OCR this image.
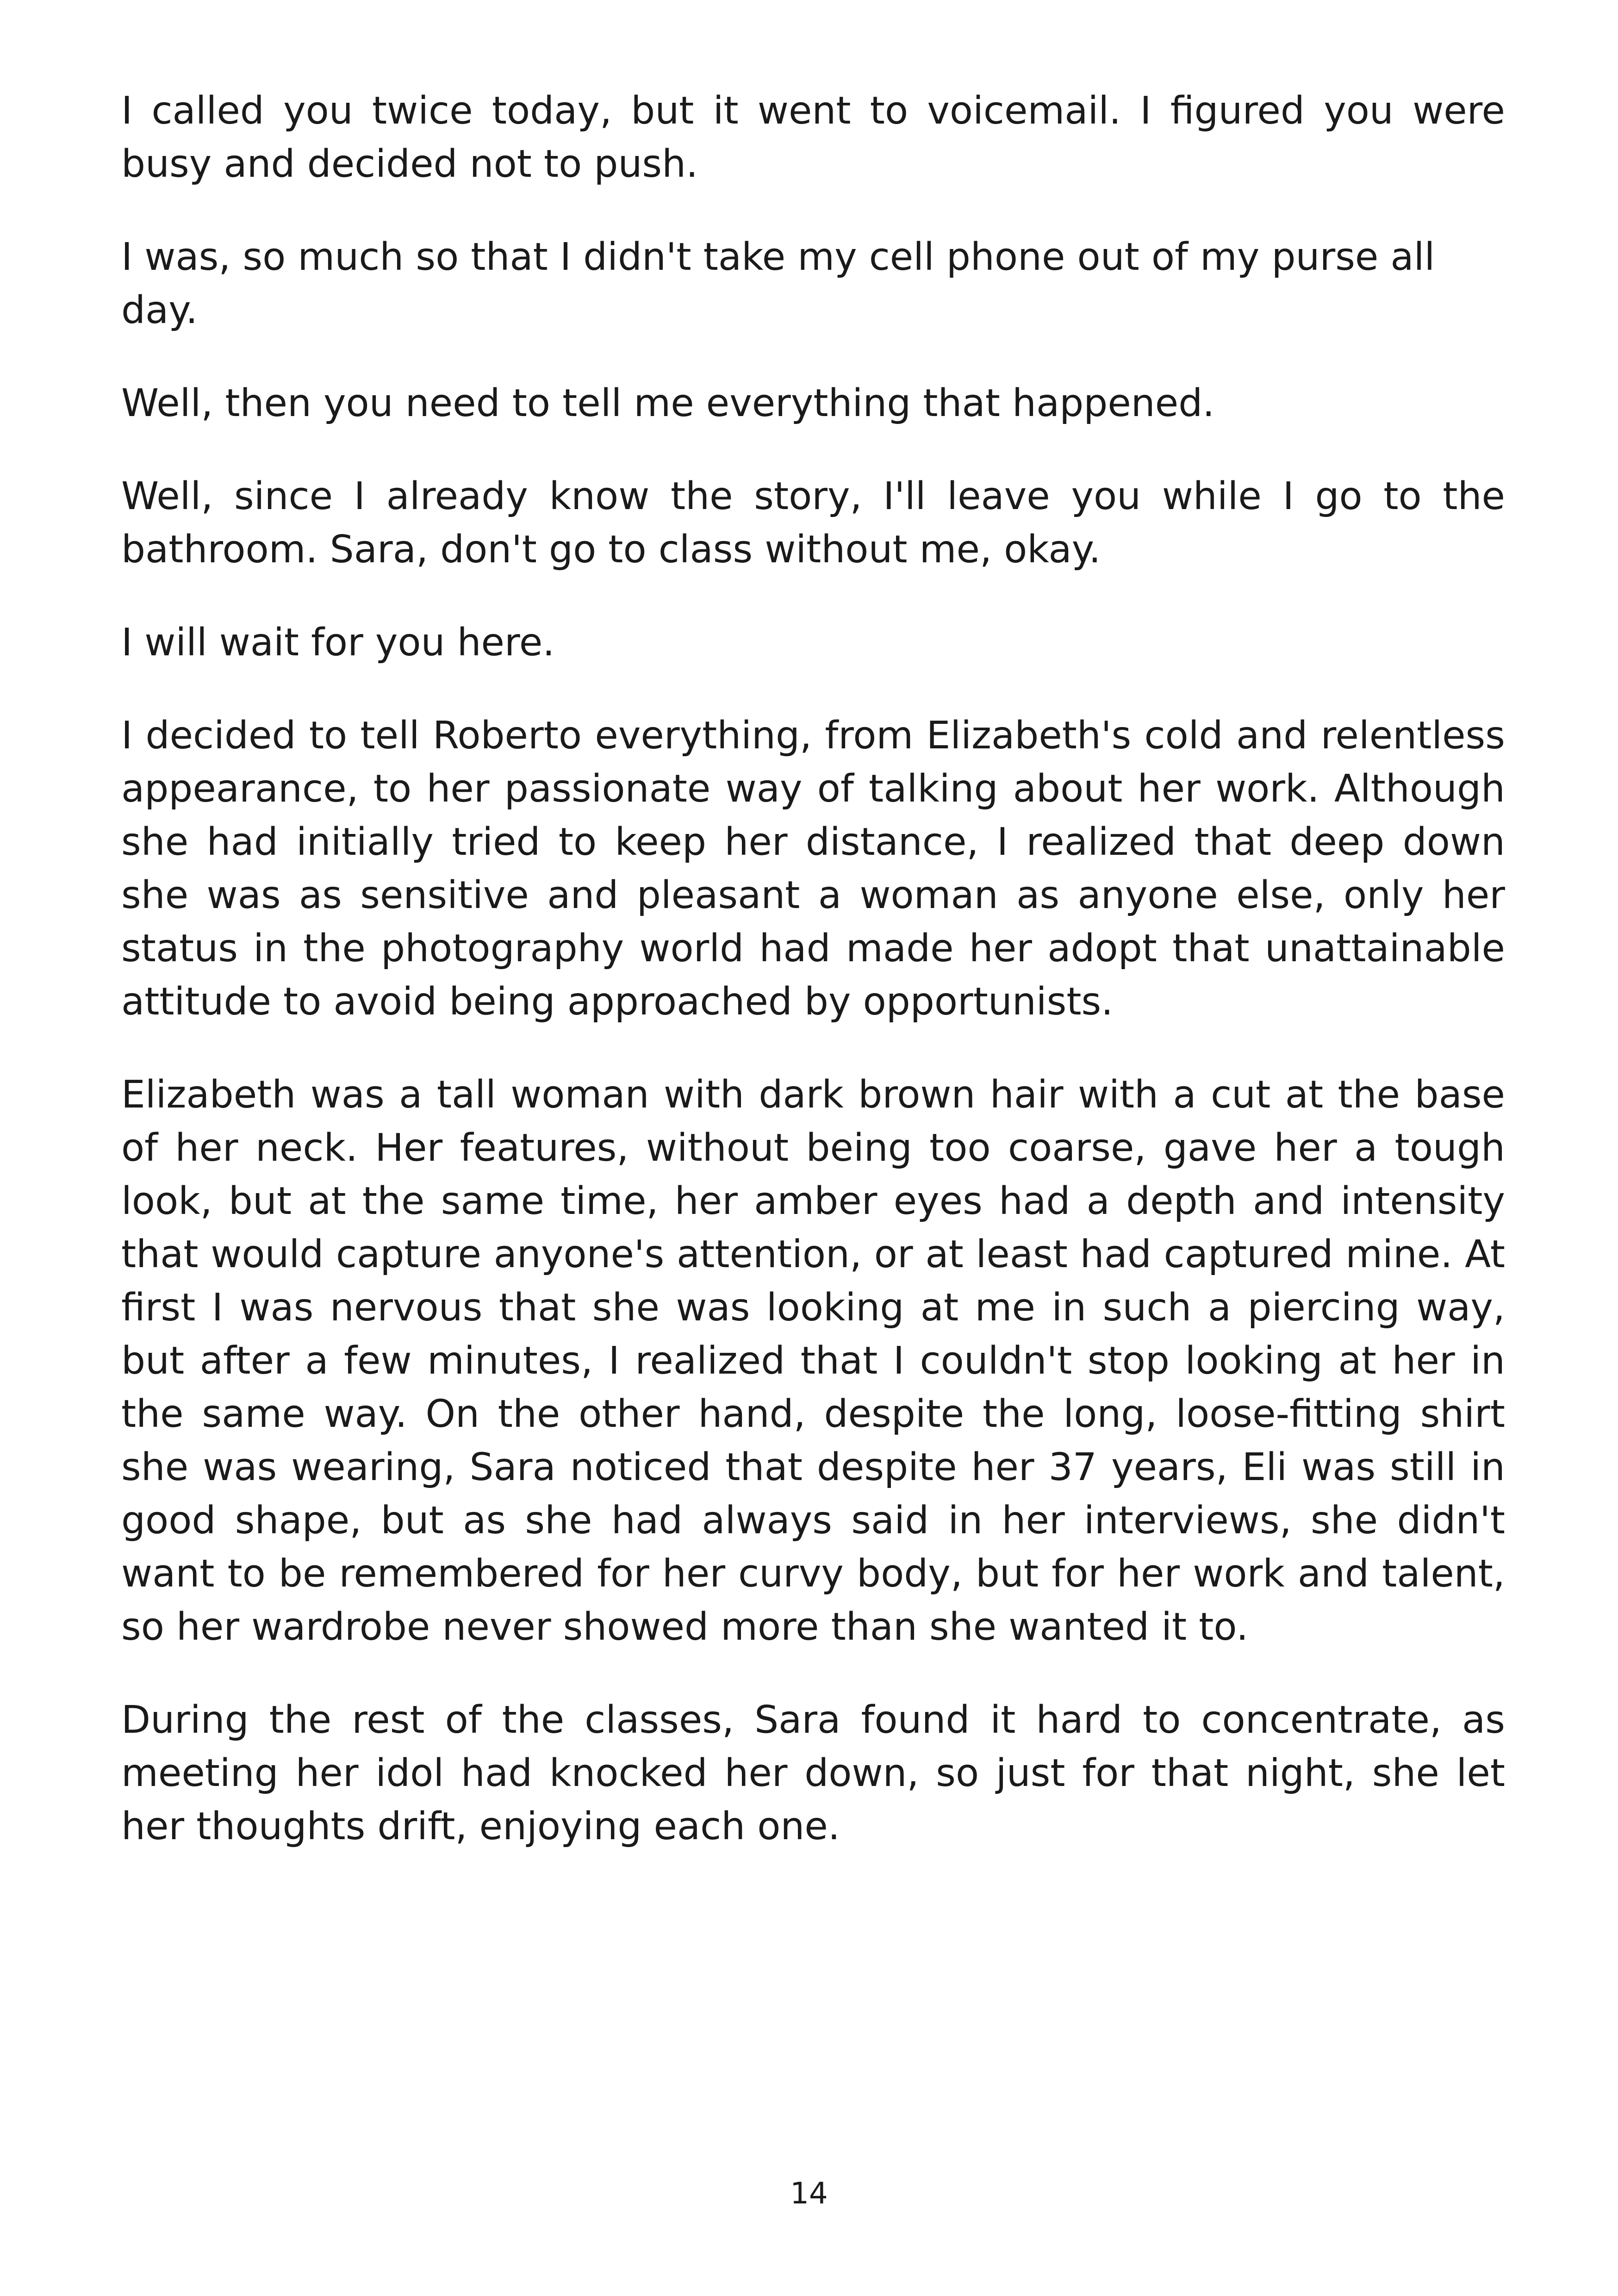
I called you twice today, but it went to voicemail. I figured you were busy and decided not to push.

I was, so much so that I didn't take my cell phone out of my purse all day.

Well, then you need to tell me everything that happened.

Well, since I already know the story, I'll leave you while I go to the bathroom. Sara, don't go to class without me, okay.

I will wait for you here.

I decided to tell Roberto everything, from Elizabeth's cold and relentless appearance, to her passionate way of talking about her work. Although she had initially tried to keep her distance, I realized that deep down she was as sensitive and pleasant a woman as anyone else, only her status in the photography world had made her adopt that unattainable attitude to avoid being approached by opportunists.

Elizabeth was a tall woman with dark brown hair with a cut at the base of her neck. Her features, without being too coarse, gave her a tough look, but at the same time, her amber eyes had a depth and intensity that would capture anyone's attention, or at least had captured mine. At first I was nervous that she was looking at me in such a piercing way, but after a few minutes, I realized that I couldn't stop looking at her in the same way. On the other hand, despite the long, loose-fitting shirt she was wearing, Sara noticed that despite her 37 years, Eli was still in good shape, but as she had always said in her interviews, she didn't want to be remembered for her curvy body, but for her work and talent, so her wardrobe never showed more than she wanted it to.

During the rest of the classes, Sara found it hard to concentrate, as meeting her idol had knocked her down, so just for that night, she let her thoughts drift, enjoying each one.

14
